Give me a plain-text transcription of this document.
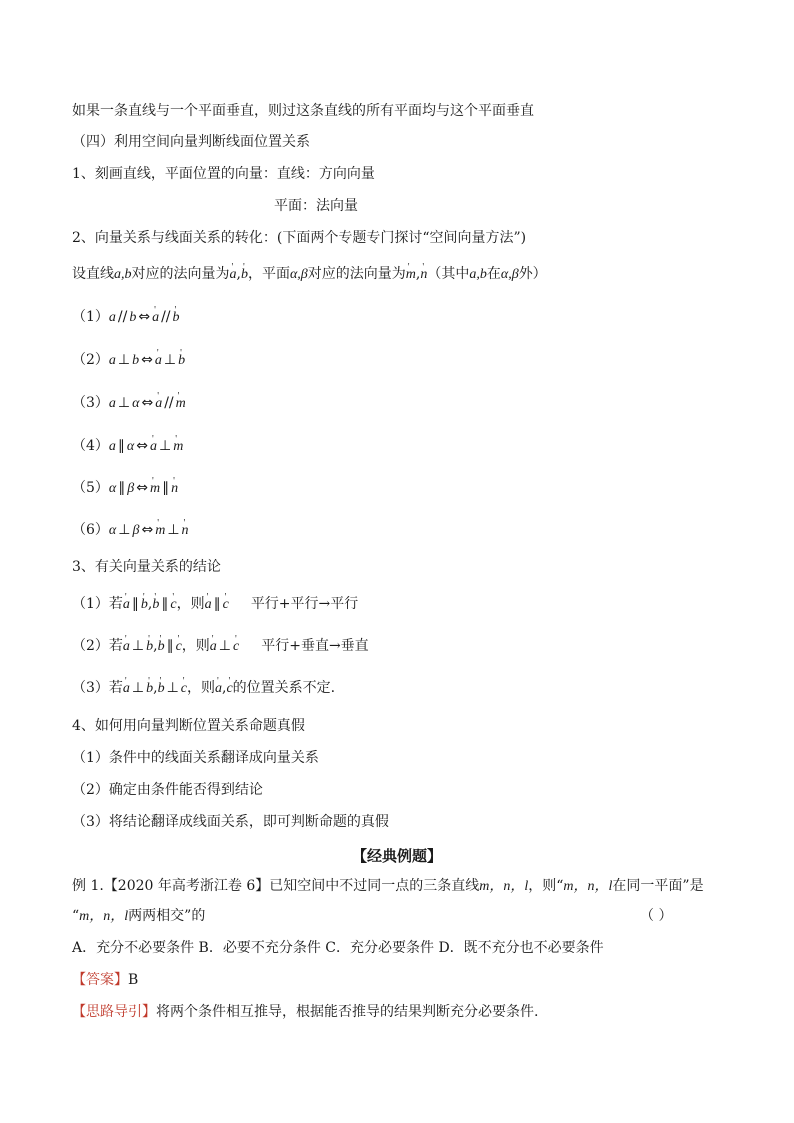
如果一条直线与一个平面垂直，则过这条直线的所有平面均与这个平面垂直
（四）利用空间向量判断线面位置关系
1、刻画直线，平面位置的向量：直线：方向向量
平面：法向量
2、向量关系与线面关系的转化：(下面两个专题专门探讨“空间向量方法”)
设直线a,b对应的法向量为' a,' b，平面α,β对应的法向量为' m,' n（其中a,b在α,β外）
（1）a // b ⇔ ' a // ' b
（2）a ⊥ b ⇔ ' a ⊥ ' b
（3）a ⊥ α ⇔ ' a // ' m
（4）a ∥ α ⇔ ' a ⊥ ' m
（5）α ∥ β ⇔ ' m ∥ ' n
（6）α ⊥ β ⇔ ' m ⊥ ' n
3、有关向量关系的结论
（1）若' a ∥ ' b,' b ∥ ' c，则' a ∥ ' c 平行+平行→平行
（2）若' a ⊥ ' b,' b ∥ ' c，则' a ⊥ ' c 平行+垂直→垂直
（3）若' a ⊥ ' b,' b ⊥ ' c，则' a,' c的位置关系不定.
4、如何用向量判断位置关系命题真假
（1）条件中的线面关系翻译成向量关系
（2）确定由条件能否得到结论
（3）将结论翻译成线面关系，即可判断命题的真假
【经典例题】
例 1.【2020 年高考浙江卷 6】已知空间中不过同一点的三条直线m，n，l，则“m，n，l在同一平面”是
“m，n，l两两相交”的	（ ）
A．充分不必要条件 B．必要不充分条件 C．充分必要条件 D．既不充分也不必要条件
【答案】B
【思路导引】将两个条件相互推导，根据能否推导的结果判断充分必要条件.
